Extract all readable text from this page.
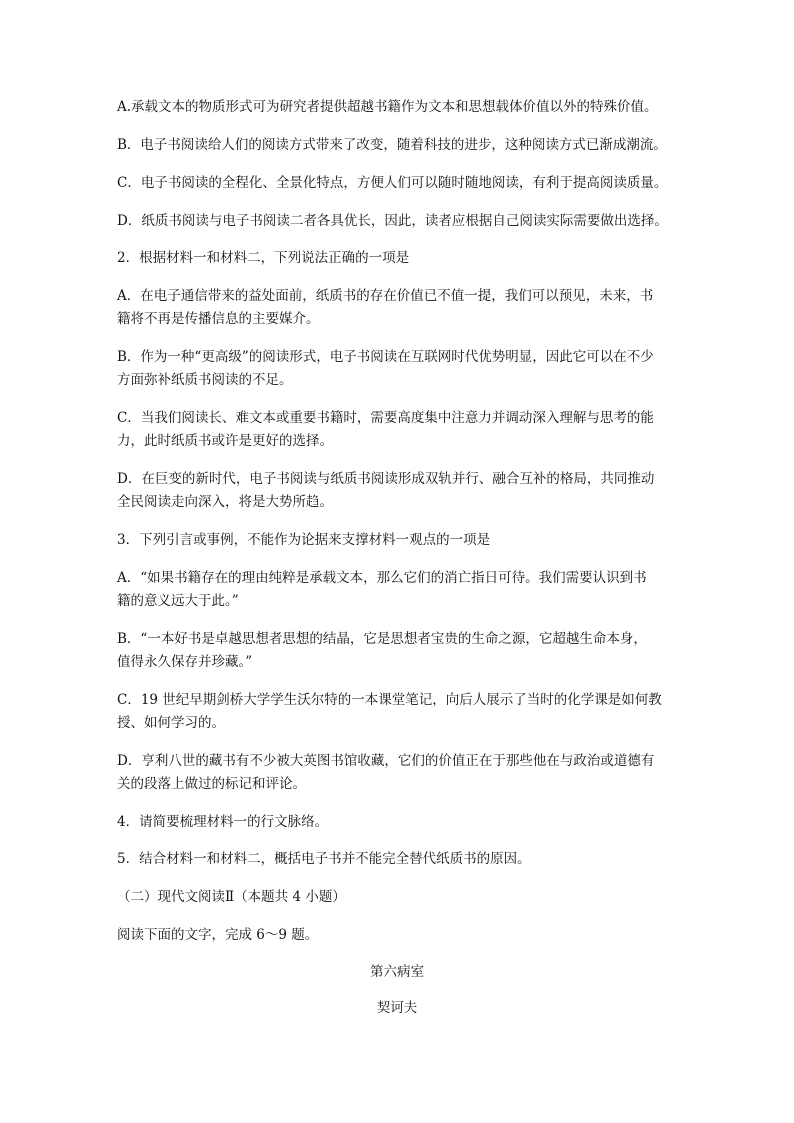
A.承载文本的物质形式可为研究者提供超越书籍作为文本和思想载体价值以外的特殊价值。
B．电子书阅读给人们的阅读方式带来了改变，随着科技的进步，这种阅读方式已渐成潮流。
C．电子书阅读的全程化、全景化特点，方便人们可以随时随地阅读，有利于提高阅读质量。
D．纸质书阅读与电子书阅读二者各具优长，因此，读者应根据自己阅读实际需要做出选择。
2．根据材料一和材料二，下列说法正确的一项是
A．在电子通信带来的益处面前，纸质书的存在价值已不值一提，我们可以预见，未来，书
籍将不再是传播信息的主要媒介。
B．作为一种“更高级”的阅读形式，电子书阅读在互联网时代优势明显，因此它可以在不少
方面弥补纸质书阅读的不足。
C．当我们阅读长、难文本或重要书籍时，需要高度集中注意力并调动深入理解与思考的能
力，此时纸质书或许是更好的选择。
D．在巨变的新时代，电子书阅读与纸质书阅读形成双轨并行、融合互补的格局，共同推动
全民阅读走向深入，将是大势所趋。
3．下列引言或事例，不能作为论据来支撑材料一观点的一项是
A．“如果书籍存在的理由纯粹是承载文本，那么它们的消亡指日可待。我们需要认识到书
籍的意义远大于此。”
B．“一本好书是卓越思想者思想的结晶，它是思想者宝贵的生命之源，它超越生命本身，
值得永久保存并珍藏。”
C．19 世纪早期剑桥大学学生沃尔特的一本课堂笔记，向后人展示了当时的化学课是如何教
授、如何学习的。
D．亨利八世的藏书有不少被大英图书馆收藏，它们的价值正在于那些他在与政治或道德有
关的段落上做过的标记和评论。
4．请简要梳理材料一的行文脉络。
5．结合材料一和材料二，概括电子书并不能完全替代纸质书的原因。
（二）现代文阅读Ⅱ（本题共 4 小题）
阅读下面的文字，完成 6～9 题。
第六病室
契诃夫
